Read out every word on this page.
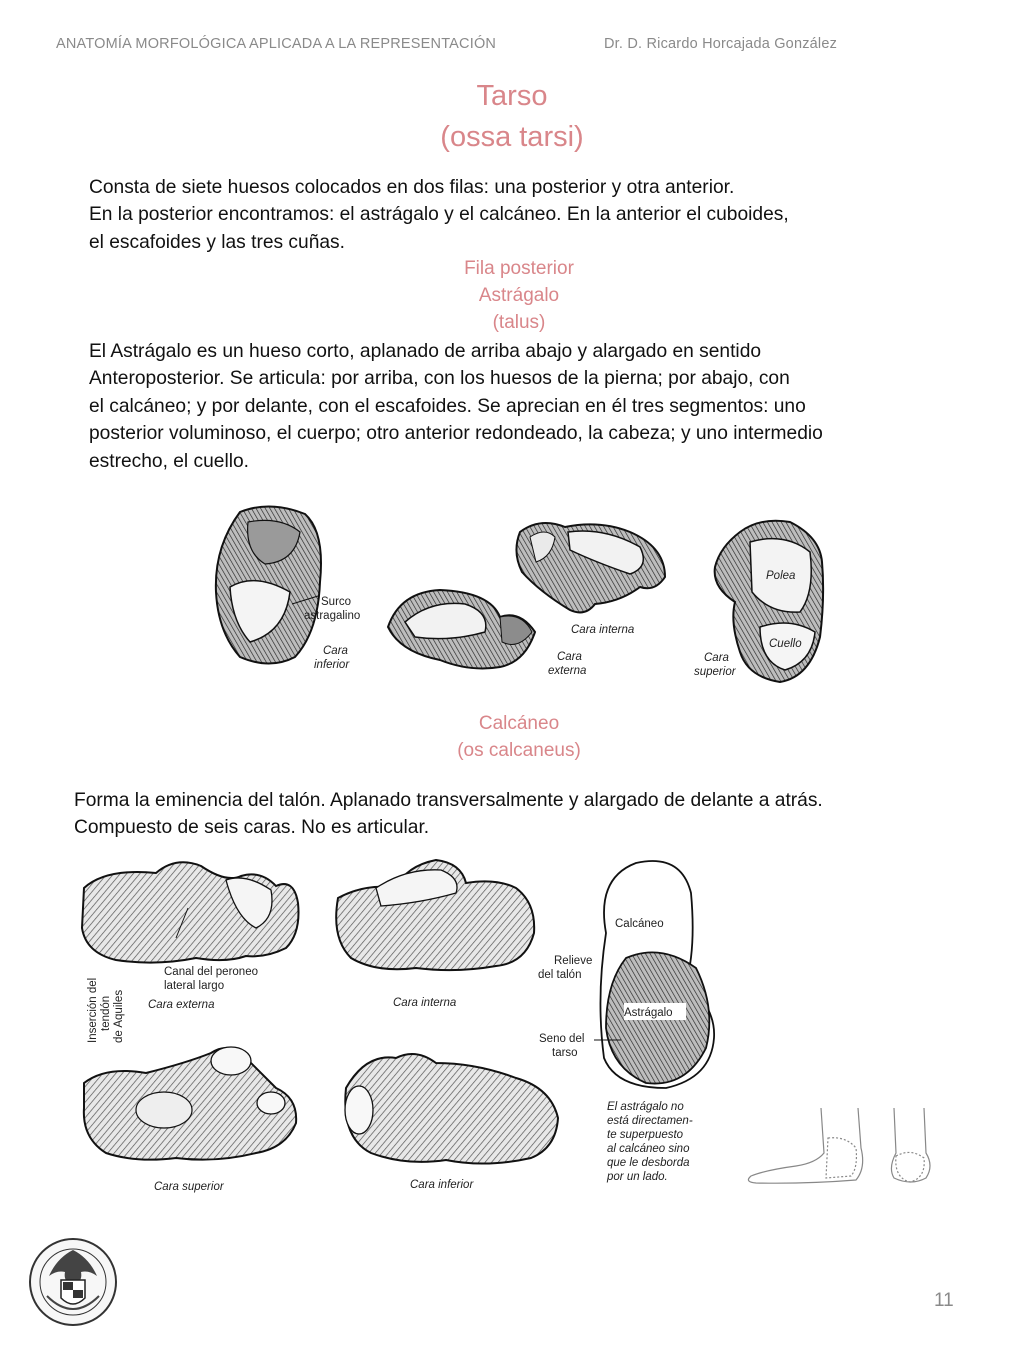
ANATOMÍA MORFOLÓGICA APLICADA A LA REPRESENTACIÓN	Dr. D. Ricardo Horcajada González
Tarso
(ossa tarsi)
Consta de siete huesos colocados en dos filas: una posterior y otra anterior.
En la posterior encontramos: el astrágalo y el calcáneo. En la anterior el cuboides,
el escafoides y las tres cuñas.
Fila posterior
Astrágalo
(talus)
El Astrágalo es un hueso corto, aplanado de arriba abajo y alargado en sentido
Anteroposterior. Se articula: por arriba, con los huesos de la pierna; por abajo, con
el calcáneo; y por delante, con el escafoides. Se aprecian en él tres segmentos: uno
posterior voluminoso, el cuerpo; otro anterior redondeado, la cabeza; y uno intermedio
estrecho, el cuello.
Surco
astragalino
Cara
inferior
Cara
externa
Cara interna
Polea
Cuello
Cara
superior
Calcáneo
(os calcaneus)
Forma la eminencia del talón. Aplanado transversalmente y alargado de delante a atrás.
Compuesto de seis caras. No es articular.
Canal del peroneo
lateral largo
Cara externa
Inserción del tendón de Aquiles	Cara interna
Cara superior	Cara inferior
Calcáneo
Relieve
del talón
Astrágalo
Seno del
tarso
El astrágalo no
está directamen-
te superpuesto
al calcáneo sino
que le desborda
por un lado.
11
